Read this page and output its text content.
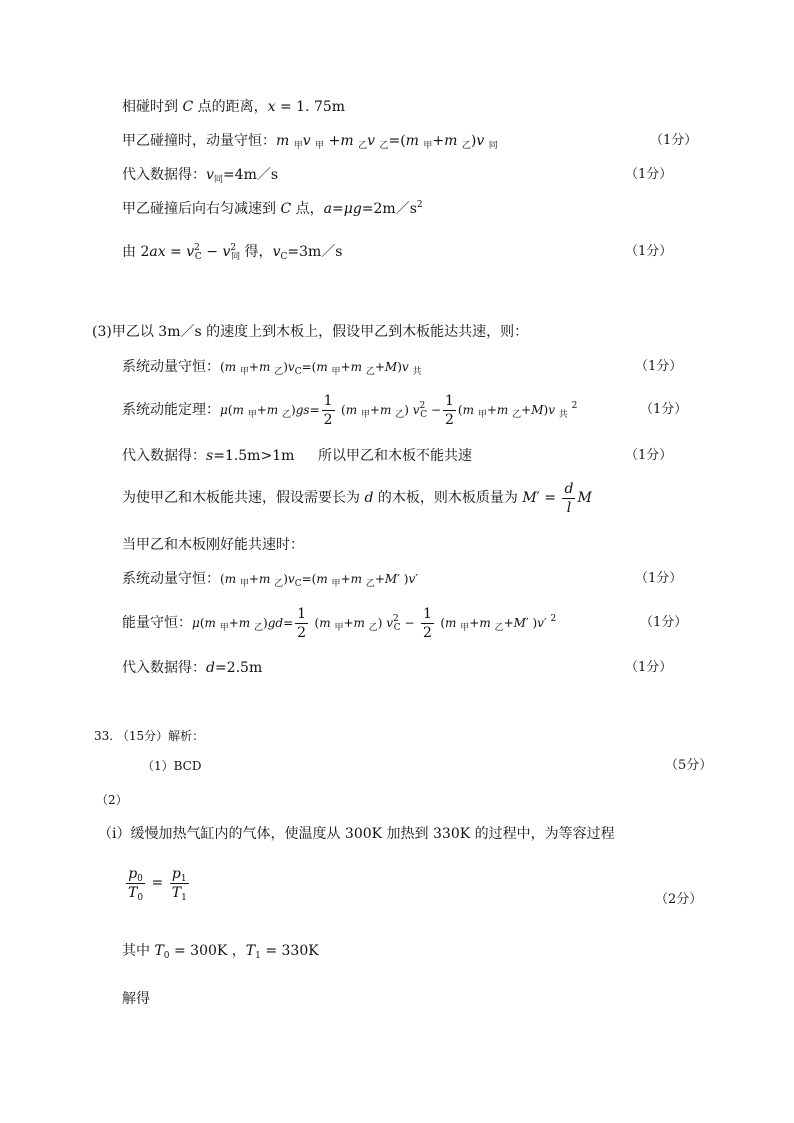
相碰时到 C 点的距离，x = 1. 75m
甲乙碰撞时，动量守恒：m $_甲$v $_甲$ +m $_乙$v $_乙$=(m $_甲$+m $_乙$)v $_同$	（1分）
代入数据得：$v_同=4m/s$	（1分）
甲乙碰撞后向右匀减速到 C 点，$a=\mu g=2m/s^2$
由 $2ax = v^2_C - v^2_同$ 得，$v_C=3m/s$	（1分）
(3)甲乙以 3m／s 的速度上到木板上，假设甲乙到木板能达共速，则：
系统动量守恒：(m $_甲$+m $_乙)v_C=(m$ $_甲$+m $_乙$+M)v $_共$	（1分）
系统动能定理：μ(m $_甲$+m $_乙)gs= \frac{1}{2} (m$ $_甲$+m $_乙$) $v^2_C - \frac{1}{2} (m$ $_甲$+m $_乙$+M)v $_共$ $^2$	（1分）
代入数据得：s=1.5m>1m 所以甲乙和木板不能共速	（1分）
为使甲乙和木板能共速，假设需要长为 d 的木板，则木板质量为 $M' = \frac{d}{l}$ M
当甲乙和木板刚好能共速时：
系统动量守恒：(m $_甲$+m $_乙)v_C=(m$ $_甲$+m $_乙$+M′ )v′	（1分）
能量守恒：μ(m $_甲$+m $_乙)gd= \frac{1}{2} (m$ $_甲$+m $_乙$) $v^2_C - \frac{1}{2} (m$ $_甲$+m $_乙$+M′ )v′ $^2$	（1分）
代入数据得：d=2.5m	（1分）
33. （15分）解析：
（1）BCD	（5分）
（2）
（ⅰ）缓慢加热气缸内的气体，使温度从 300K 加热到 330K 的过程中，为等容过程
$\frac{p_0}{T_0} = \frac{p_1}{T_1}$	（2分）
其中 $T_0 = 300K$ ，$T_1 = 330K$
解得
